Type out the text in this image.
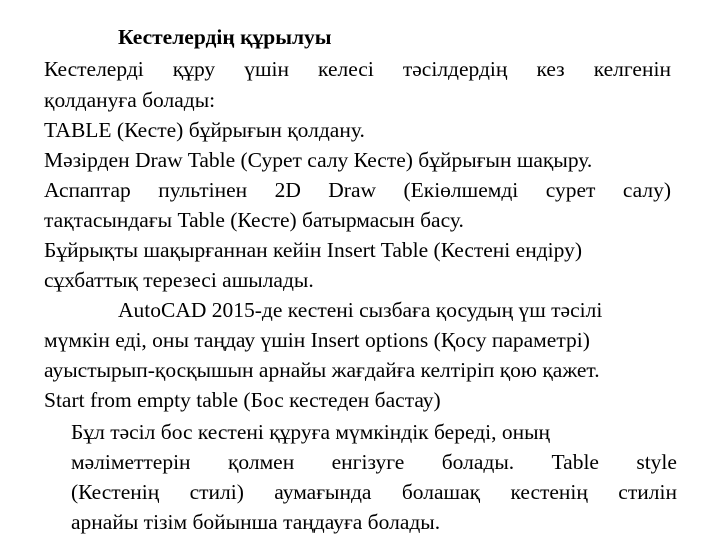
Кестелердің құрылуы

Кестелерді құру үшін келесі тәсілдердің кез келгенін

қолдануға болады:

TABLE (Кесте) бұйрығын қолдану.

Мәзірден Draw Table (Сурет салу Кесте) бұйрығын шақыру.

Аспаптар пультінен 2D Draw (Екіөлшемді сурет салу)

тақтасындағы Table (Кесте) батырмасын басу.

Бұйрықты шақырғаннан кейін Insert Table (Кестені ендіру)

сұхбаттық терезесі ашылады.

AutoCAD 2015-де кестені сызбаға қосудың үш тәсілі

мүмкін еді, оны таңдау үшін Insert options (Қосу параметрі)

ауыстырып-қосқышын арнайы жағдайға келтіріп қою қажет.

Start from empty table (Бос кестеден бастау)

Бұл тәсіл бос кестені құруға мүмкіндік береді, оның

мәліметтерін қолмен енгізуге болады. Table style
(Кестенің стилі) аумағында болашақ кестенің стилін

арнайы тізім бойынша таңдауға болады.
